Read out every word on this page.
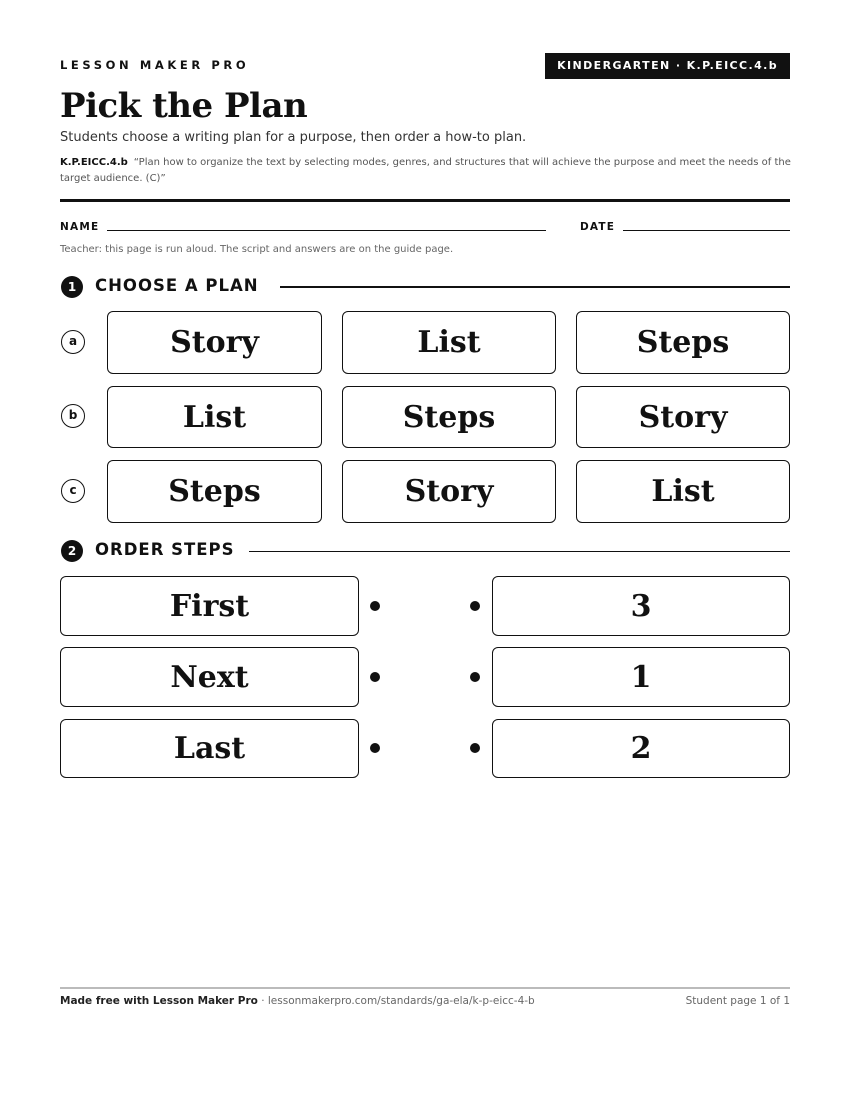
LESSON MAKER PRO	KINDERGARTEN · K.P.EICC.4.b
Pick the Plan
Students choose a writing plan for a purpose, then order a how-to plan.
K.P.EICC.4.b “Plan how to organize the text by selecting modes, genres, and structures that will achieve the purpose and meet the needs of the target audience. (C)”
NAME	DATE
Teacher: this page is run aloud. The script and answers are on the guide page.
1	CHOOSE A PLAN
a	Story	List	Steps
b	List	Steps	Story
c	Steps	Story	List
2	ORDER STEPS
First	3
Next	1
Last	2
Made free with Lesson Maker Pro · lessonmakerpro.com/standards/ga-ela/k-p-eicc-4-b	Student page 1 of 1
